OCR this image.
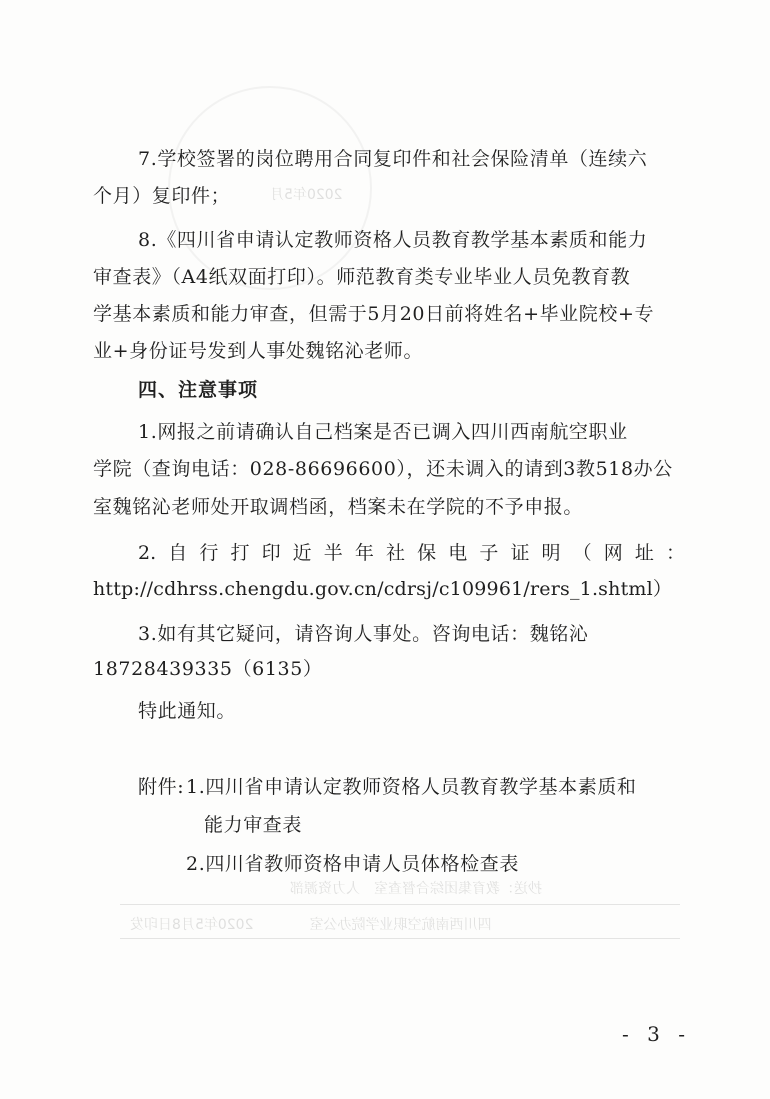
2020年5月
抄送：教育集团综合督查室　人力资源部
四川西南航空职业学院办公室　　　　2020年5月8日印发
7.学校签署的岗位聘用合同复印件和社会保险清单（连续六
个月）复印件；
8.《四川省申请认定教师资格人员教育教学基本素质和能力
审查表》（A4纸双面打印）。师范教育类专业毕业人员免教育教
学基本素质和能力审查，但需于5月20日前将姓名+毕业院校+专
业+身份证号发到人事处魏铭沁老师。
四、注意事项
1.网报之前请确认自己档案是否已调入四川西南航空职业
学院（查询电话：028-86696600），还未调入的请到3教518办公
室魏铭沁老师处开取调档函，档案未在学院的不予申报。
2. 自 行 打 印 近 半 年 社 保 电 子 证 明 （ 网 址 ：
http://cdhrss.chengdu.gov.cn/cdrsj/c109961/rers_1.shtml）
3.如有其它疑问，请咨询人事处。咨询电话：魏铭沁
18728439335（6135）
特此通知。
附件: 1.四川省申请认定教师资格人员教育教学基本素质和
能力审查表
2.四川省教师资格申请人员体格检查表
- 3 -
